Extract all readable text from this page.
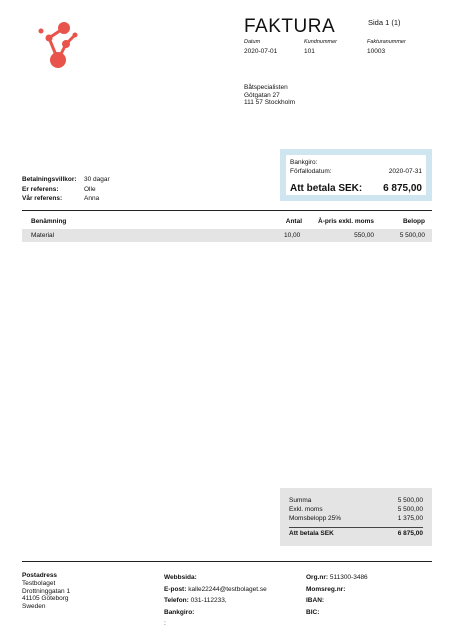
FAKTURA	Sida 1 (1)
Datum
2020-07-01
Kundnummer
101
Fakturanummer
10003
Båtspecialisten
Götgatan 27
111 57 Stockholm
Bankgiro:
Förfallodatum:	2020-07-31
Att betala SEK: 6 875,00
Betalningsvillkor: 30 dagar
Er referens:	Olle
Vår referens:	Anna
Benämning	Antal À-pris exkl. moms	Belopp
Material	10,00	550,00	5 500,00
Summa	5 500,00
Exkl. moms	5 500,00
Momsbelopp 25%	1 375,00
Att betala SEK	6 875,00
Postadress
Testbolaget
Drottninggatan 1
41105 Göteborg
Sweden
Webbsida:
E-post: kalle22244@testbolaget.se
Telefon: 031-112233,
Bankgiro:
:
Org.nr: 511300-3486
Momsreg.nr:
IBAN:
BIC:
